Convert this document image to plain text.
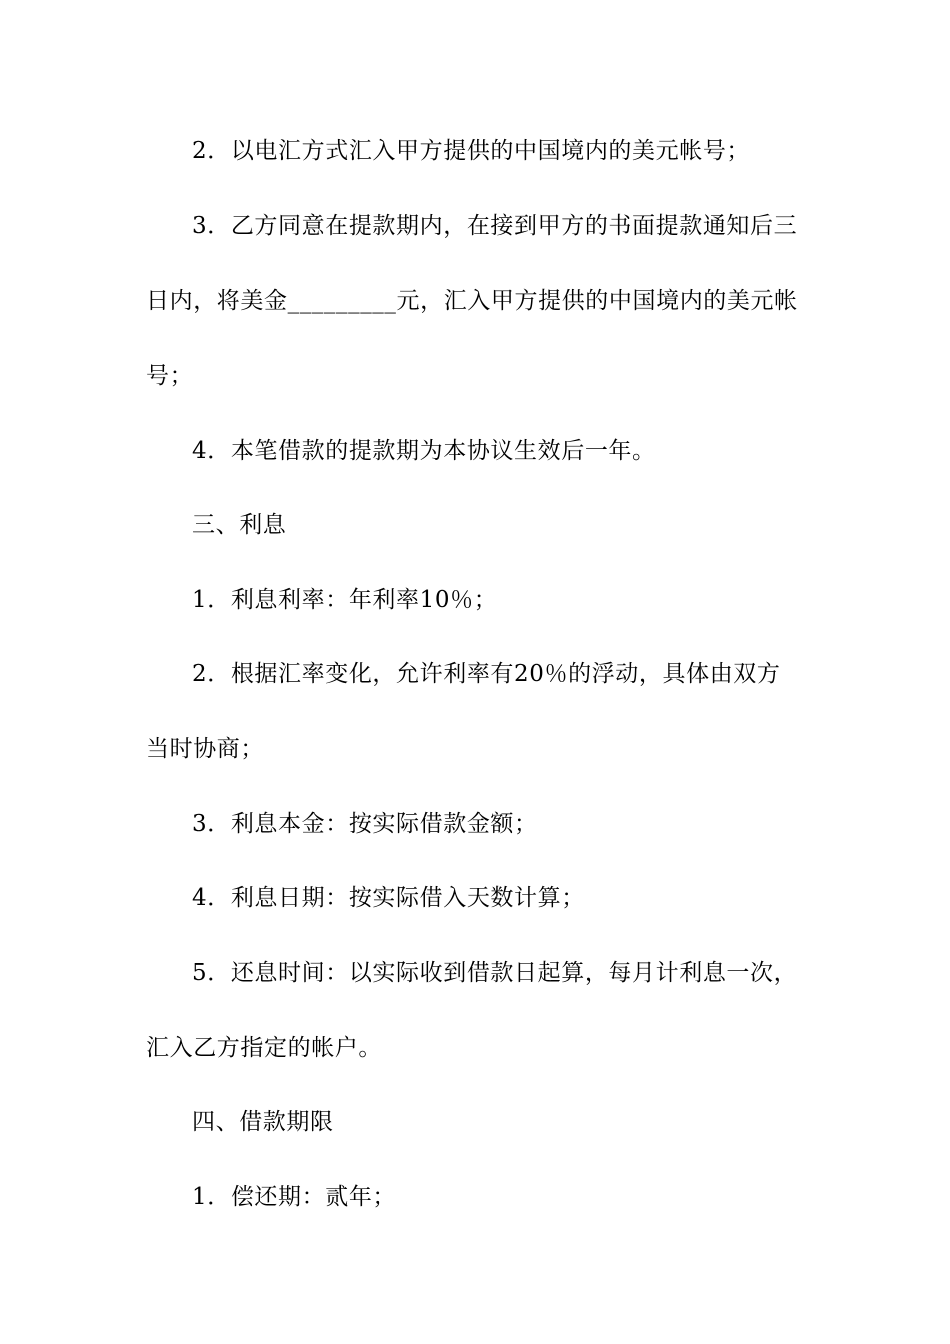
2．以电汇方式汇入甲方提供的中国境内的美元帐号；
3．乙方同意在提款期内，在接到甲方的书面提款通知后三
日内，将美金_________元，汇入甲方提供的中国境内的美元帐
号；
4．本笔借款的提款期为本协议生效后一年。
三、利息
1．利息利率：年利率10％；
2．根据汇率变化，允许利率有20％的浮动，具体由双方
当时协商；
3．利息本金：按实际借款金额；
4．利息日期：按实际借入天数计算；
5．还息时间：以实际收到借款日起算，每月计利息一次，
汇入乙方指定的帐户。
四、借款期限
1．偿还期：贰年；
